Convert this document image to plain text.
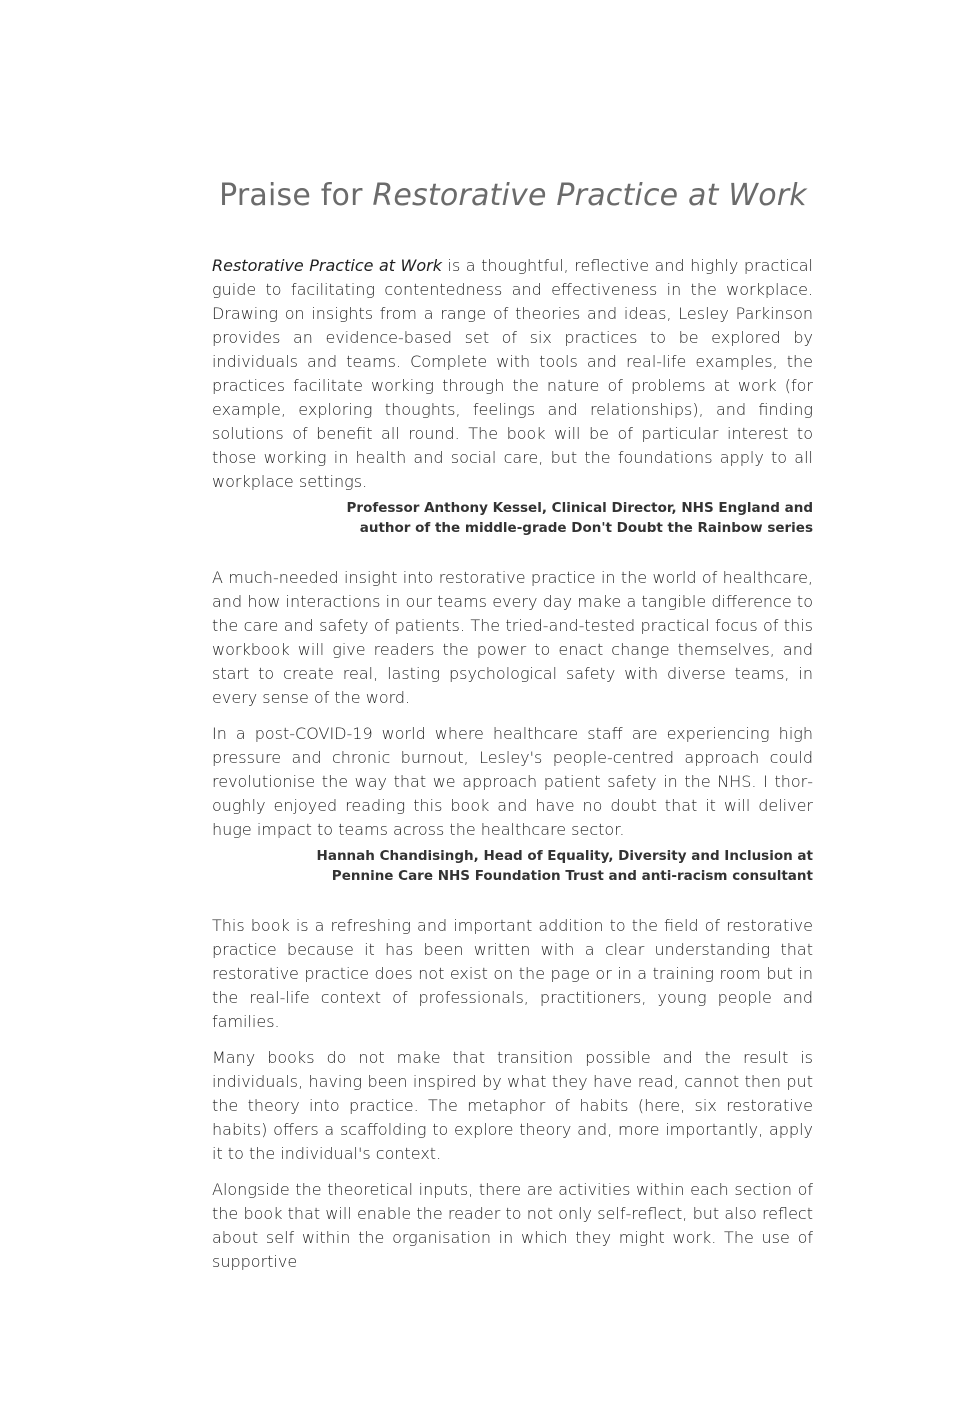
Praise for Restorative Practice at Work

Restorative Practice at Work is a thoughtful, reflective and highly practical guide to facilitating contentedness and effectiveness in the workplace. Drawing on insights from a range of theories and ideas, Lesley Parkinson provides an evidence-based set of six practices to be explored by individuals and teams. Complete with tools and real-life examples, the practices facilitate working through the nature of problems at work (for example, exploring thoughts, feelings and relationships), and finding solutions of benefit all round. The book will be of particular interest to those working in health and social care, but the foundations apply to all workplace settings.

Professor Anthony Kessel, Clinical Director, NHS England and
author of the middle-grade Don't Doubt the Rainbow series

A much-needed insight into restorative practice in the world of healthcare, and how interactions in our teams every day make a tangible difference to the care and safety of patients. The tried-and-tested practical focus of this workbook will give readers the power to enact change themselves, and start to create real, lasting psychological safety with diverse teams, in every sense of the word.

In a post-COVID-19 world where healthcare staff are experiencing high pressure and chronic burnout, Lesley's people-centred approach could revolutionise the way that we approach patient safety in the NHS. I thoroughly enjoyed reading this book and have no doubt that it will deliver huge impact to teams across the healthcare sector.

Hannah Chandisingh, Head of Equality, Diversity and Inclusion at
Pennine Care NHS Foundation Trust and anti-racism consultant

This book is a refreshing and important addition to the field of restorative practice because it has been written with a clear understanding that restorative practice does not exist on the page or in a training room but in the real-life context of professionals, practitioners, young people and families.

Many books do not make that transition possible and the result is individuals, having been inspired by what they have read, cannot then put the theory into practice. The metaphor of habits (here, six restorative habits) offers a scaffolding to explore theory and, more importantly, apply it to the individual's context.

Alongside the theoretical inputs, there are activities within each section of the book that will enable the reader to not only self-reflect, but also reflect about self within the organisation in which they might work. The use of supportive
